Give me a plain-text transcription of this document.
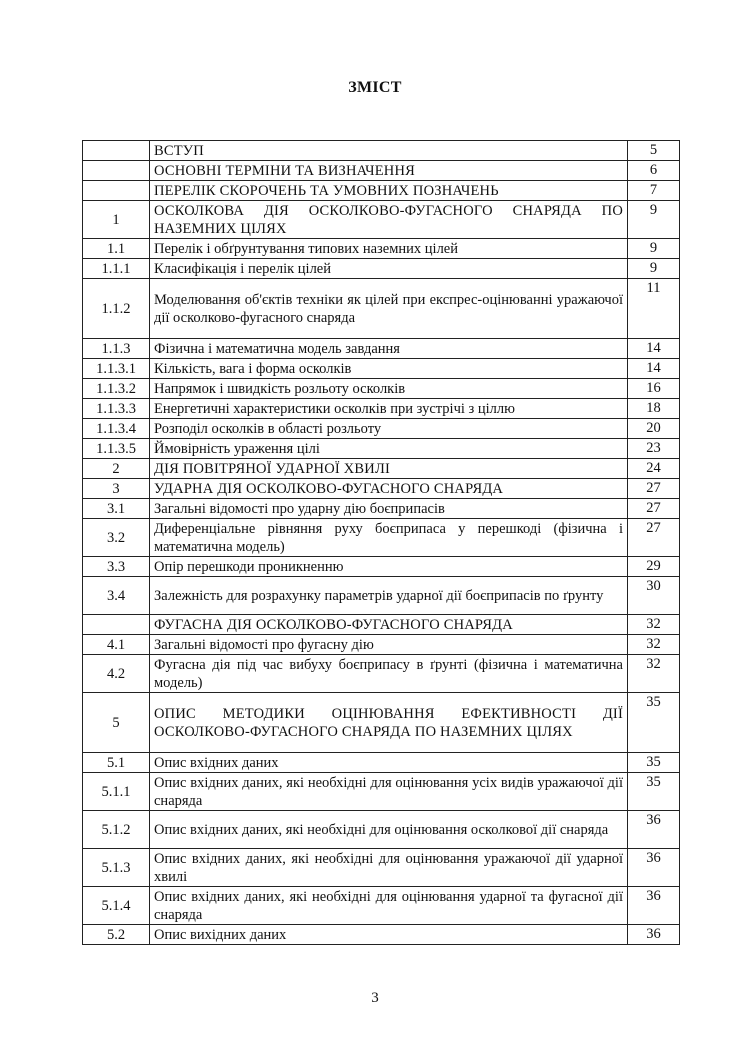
ЗМІСТ
	ВСТУП	5
	ОСНОВНІ ТЕРМІНИ ТА ВИЗНАЧЕННЯ	6
	ПЕРЕЛІК СКОРОЧЕНЬ ТА УМОВНИХ ПОЗНАЧЕНЬ	7
1	ОСКОЛКОВА ДІЯ ОСКОЛКОВО-ФУГАСНОГО СНАРЯДА ПО НАЗЕМНИХ ЦІЛЯХ	9
1.1	Перелік і обґрунтування типових наземних цілей	9
1.1.1	Класифікація і перелік цілей	9
1.1.2	Моделювання об'єктів техніки як цілей при експрес-оцінюванні уражаючої дії осколково-фугасного снаряда	11
1.1.3	Фізична і математична модель завдання	14
1.1.3.1	Кількість, вага і форма осколків	14
1.1.3.2	Напрямок і швидкість розльоту осколків	16
1.1.3.3	Енергетичні характеристики осколків при зустрічі з ціллю	18
1.1.3.4	Розподіл осколків в області розльоту	20
1.1.3.5	Ймовірність ураження цілі	23
2	ДІЯ ПОВІТРЯНОЇ УДАРНОЇ ХВИЛІ	24
3	УДАРНА ДІЯ ОСКОЛКОВО-ФУГАСНОГО СНАРЯДА	27
3.1	Загальні відомості про ударну дію боєприпасів	27
3.2	Диференціальне рівняння руху боєприпаса у перешкоді (фізична і математична модель)	27
3.3	Опір перешкоди проникненню	29
3.4	Залежність для розрахунку параметрів ударної дії боєприпасів по ґрунту	30
	ФУГАСНА ДІЯ ОСКОЛКОВО-ФУГАСНОГО СНАРЯДА	32
4.1	Загальні відомості про фугасну дію	32
4.2	Фугасна дія під час вибуху боєприпасу в ґрунті (фізична і математична модель)	32
5	ОПИС МЕТОДИКИ ОЦІНЮВАННЯ ЕФЕКТИВНОСТІ ДІЇ ОСКОЛКОВО-ФУГАСНОГО СНАРЯДА ПО НАЗЕМНИХ ЦІЛЯХ	35
5.1	Опис вхідних даних	35
5.1.1	Опис вхідних даних, які необхідні для оцінювання усіх видів уражаючої дії снаряда	35
5.1.2	Опис вхідних даних, які необхідні для оцінювання осколкової дії снаряда	36
5.1.3	Опис вхідних даних, які необхідні для оцінювання уражаючої дії ударної хвилі	36
5.1.4	Опис вхідних даних, які необхідні для оцінювання ударної та фугасної дії снаряда	36
5.2	Опис вихідних даних	36
3
